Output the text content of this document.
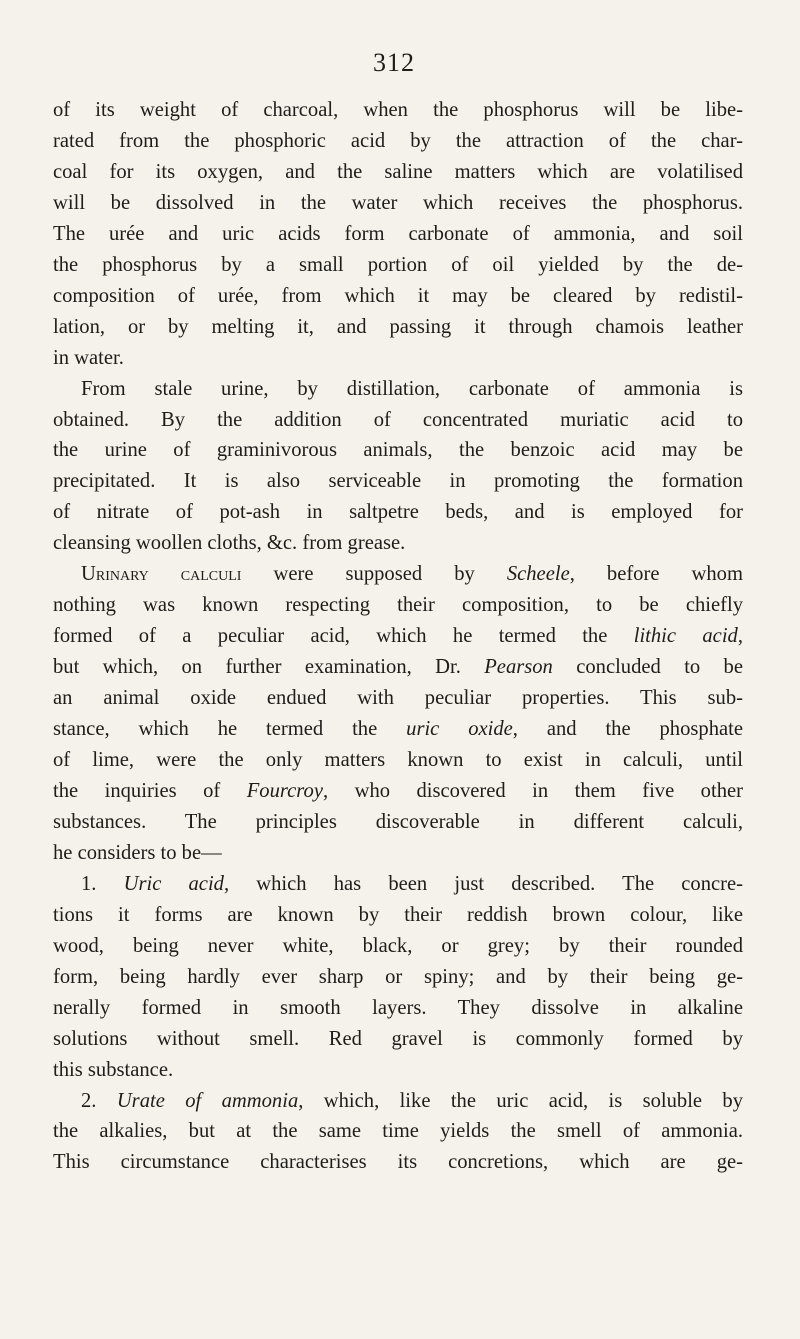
312

of its weight of charcoal, when the phosphorus will be libe-

rated from the phosphoric acid by the attraction of the char-

coal for its oxygen, and the saline matters which are volatilised

will be dissolved in the water which receives the phosphorus.

The urée and uric acids form carbonate of ammonia, and soil

the phosphorus by a small portion of oil yielded by the de-

composition of urée, from which it may be cleared by redistil-

lation, or by melting it, and passing it through chamois leather

in water.

From stale urine, by distillation, carbonate of ammonia is

obtained. By the addition of concentrated muriatic acid to

the urine of graminivorous animals, the benzoic acid may be

precipitated. It is also serviceable in promoting the formation

of nitrate of pot-ash in saltpetre beds, and is employed for

cleansing woollen cloths, &c. from grease.

Urinary calculi were supposed by Scheele, before whom

nothing was known respecting their composition, to be chiefly

formed of a peculiar acid, which he termed the lithic acid,

but which, on further examination, Dr. Pearson concluded to be

an animal oxide endued with peculiar properties. This sub-

stance, which he termed the uric oxide, and the phosphate

of lime, were the only matters known to exist in calculi, until

the inquiries of Fourcroy, who discovered in them five other

substances. The principles discoverable in different calculi,

he considers to be—

1. Uric acid, which has been just described. The concre-

tions it forms are known by their reddish brown colour, like

wood, being never white, black, or grey; by their rounded

form, being hardly ever sharp or spiny; and by their being ge-

nerally formed in smooth layers. They dissolve in alkaline

solutions without smell. Red gravel is commonly formed by

this substance.

2. Urate of ammonia, which, like the uric acid, is soluble by

the alkalies, but at the same time yields the smell of ammonia.

This circumstance characterises its concretions, which are ge-
